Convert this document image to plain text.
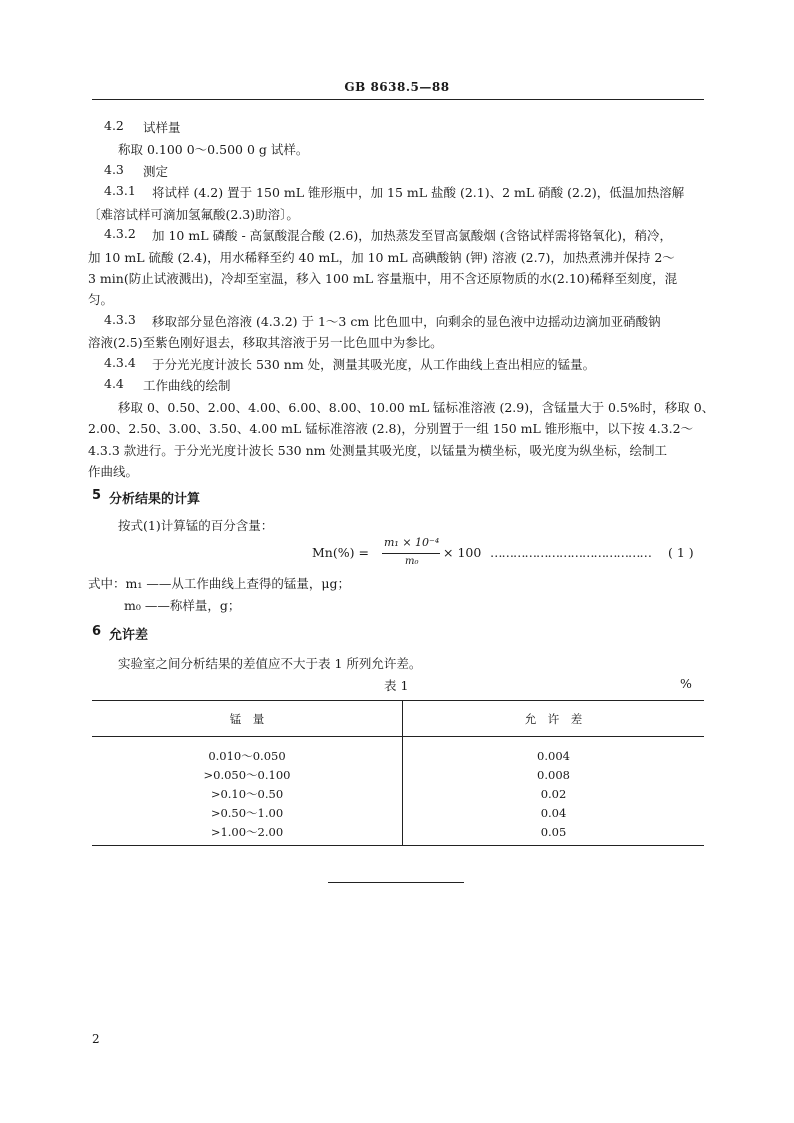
GB 8638.5—88
4.2 试样量
称取 0.100 0～0.500 0 g 试样。
4.3 测定
4.3.1 将试样 (4.2) 置于 150 mL 锥形瓶中，加 15 mL 盐酸 (2.1)、2 mL 硝酸 (2.2)，低温加热溶解
〔难溶试样可滴加氢氟酸(2.3)助溶〕。
4.3.2 加 10 mL 磷酸 - 高氯酸混合酸 (2.6)，加热蒸发至冒高氯酸烟 (含铬试样需将铬氧化)，稍冷，
加 10 mL 硫酸 (2.4)，用水稀释至约 40 mL，加 10 mL 高碘酸钠 (钾) 溶液 (2.7)，加热煮沸并保持 2～
3 min(防止试液溅出)，冷却至室温，移入 100 mL 容量瓶中，用不含还原物质的水(2.10)稀释至刻度，混
匀。
4.3.3 移取部分显色溶液 (4.3.2) 于 1～3 cm 比色皿中，向剩余的显色液中边摇动边滴加亚硝酸钠
溶液(2.5)至紫色刚好退去，移取其溶液于另一比色皿中为参比。
4.3.4 于分光光度计波长 530 nm 处，测量其吸光度，从工作曲线上查出相应的锰量。
4.4 工作曲线的绘制
移取 0、0.50、2.00、4.00、6.00、8.00、10.00 mL 锰标准溶液 (2.9)，含锰量大于 0.5%时，移取 0、
2.00、2.50、3.00、3.50、4.00 mL 锰标准溶液 (2.8)，分别置于一组 150 mL 锥形瓶中，以下按 4.3.2～
4.3.3 款进行。于分光光度计波长 530 nm 处测量其吸光度，以锰量为横坐标，吸光度为纵坐标，绘制工
作曲线。
5 分析结果的计算
按式(1)计算锰的百分含量：
Mn(%) =
m₁ × 10⁻⁴
m₀
× 100 …………………………………… ( 1 )
式中：m₁ ——从工作曲线上查得的锰量，μg；
m₀ ——称样量，g；
6 允许差
实验室之间分析结果的差值应不大于表 1 所列允许差。
表 1	%
锰　量	允　许　差
0.010～0.050	0.004
>0.050～0.100	0.008
>0.10～0.50	0.02
>0.50～1.00	0.04
>1.00～2.00	0.05
2
